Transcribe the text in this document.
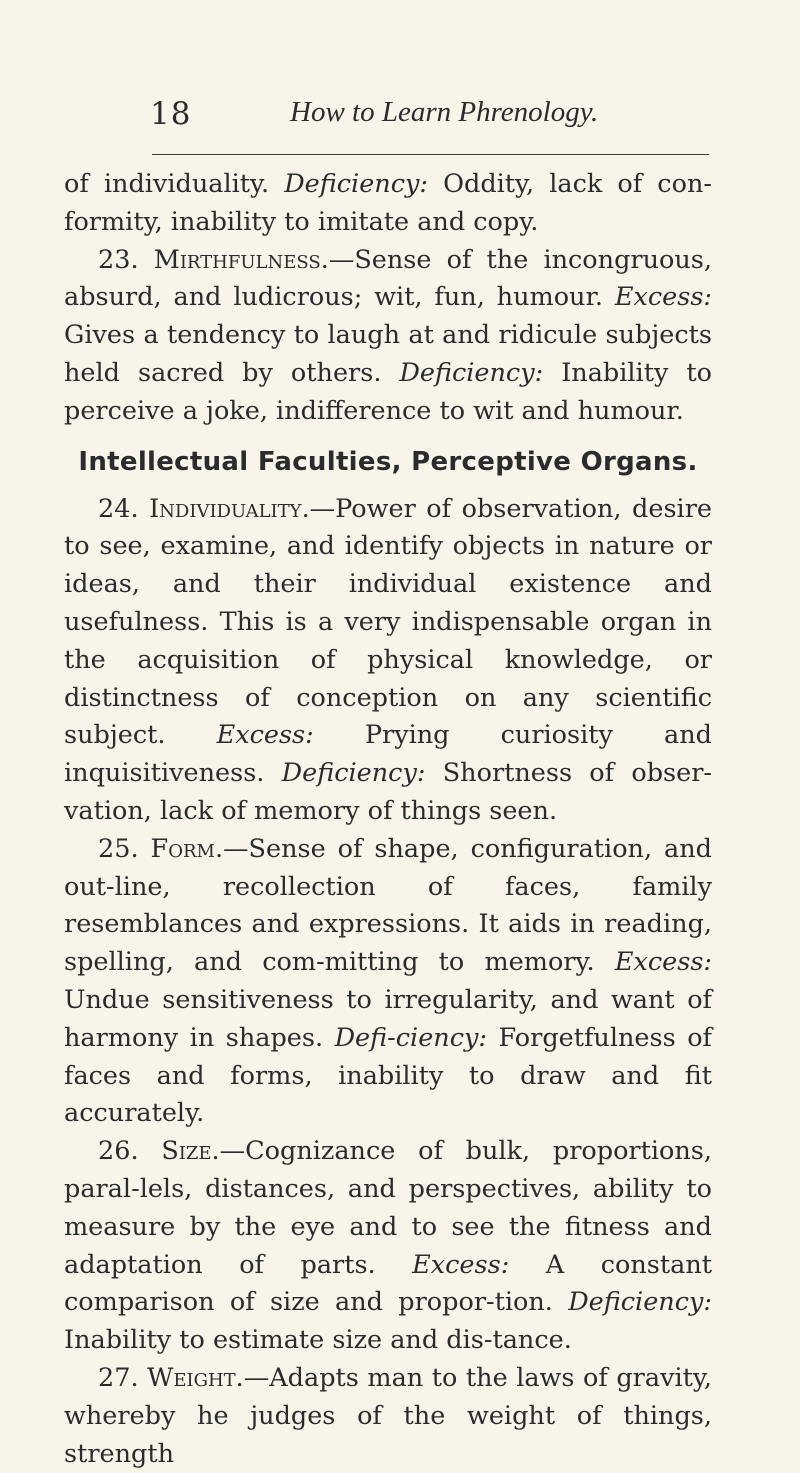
18	How to Learn Phrenology.

of individuality. Deficiency: Oddity, lack of con-formity, inability to imitate and copy.

23. Mirthfulness.—Sense of the incongruous, absurd, and ludicrous; wit, fun, humour. Excess: Gives a tendency to laugh at and ridicule subjects held sacred by others. Deficiency: Inability to perceive a joke, indifference to wit and humour.

Intellectual Faculties, Perceptive Organs.

24. Individuality.—Power of observation, desire to see, examine, and identify objects in nature or ideas, and their individual existence and usefulness. This is a very indispensable organ in the acquisition of physical knowledge, or distinctness of conception on any scientific subject. Excess: Prying curiosity and inquisitiveness. Deficiency: Shortness of obser-vation, lack of memory of things seen.

25. Form.—Sense of shape, configuration, and out-line, recollection of faces, family resemblances and expressions. It aids in reading, spelling, and com-mitting to memory. Excess: Undue sensitiveness to irregularity, and want of harmony in shapes. Defi-ciency: Forgetfulness of faces and forms, inability to draw and fit accurately.

26. Size.—Cognizance of bulk, proportions, paral-lels, distances, and perspectives, ability to measure by the eye and to see the fitness and adaptation of parts. Excess: A constant comparison of size and propor-tion. Deficiency: Inability to estimate size and dis-tance.

27. Weight.—Adapts man to the laws of gravity, whereby he judges of the weight of things, strength
